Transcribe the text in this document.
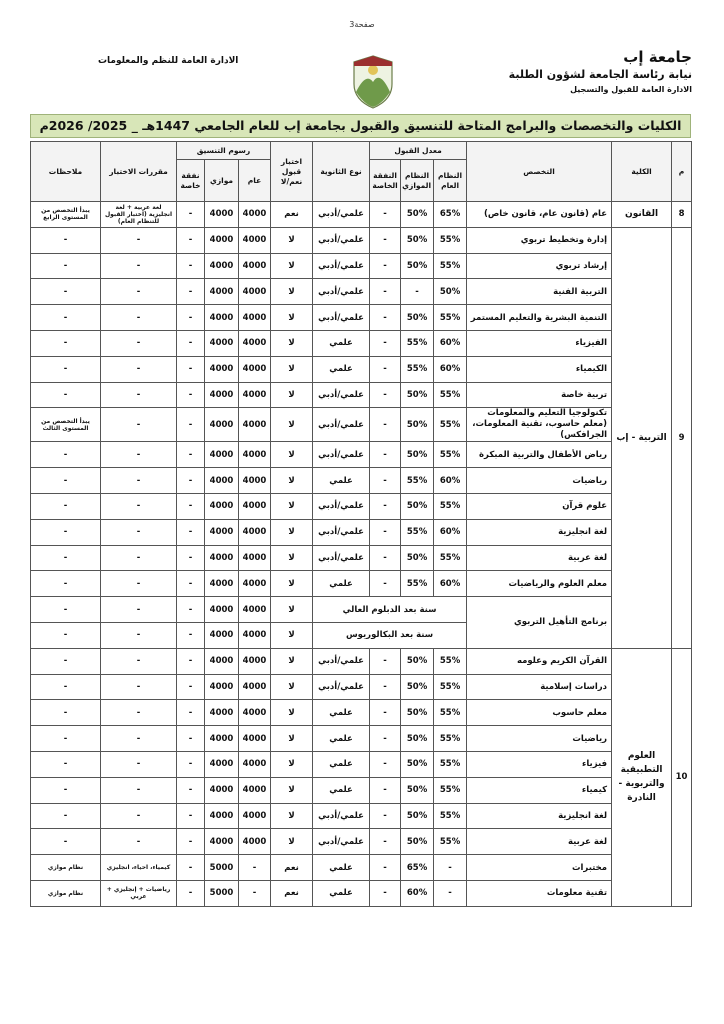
صفحة3
جامعة إب
نيابة رئاسة الجامعة لشؤون الطلبة
الادارة العامة للقبول والتسجيل
الادارة العامة للنظم والمعلومات
الكليات والتخصصات والبرامج المتاحة للتنسيق والقبول بجامعة إب للعام الجامعي 1447هـ _ 2025/ 2026م
م	الكلية	التخصص	معدل القبول			نوع الثانوية	اختبار قبول نعم/لا	رسوم التنسيق			مقررات الاختبار	ملاحظات
			النظام العام	النظام الموازي	النفقة الخاصة			عام	موازي	نفقة خاصة		
8	القانون	عام (قانون عام، قانون خاص)	65%	50%	-	علمي/أدبي	نعم	4000	4000	-	لغة عربية + لغة انجليزية (اختبار القبول للتنظام العام)	يبدأ التخصص من المستوى الرابع
9	التربية - إب	إدارة وتخطيط تربوي	55%	50%	-	علمي/أدبي	لا	4000	4000	-	-	-
		إرشاد تربوي	55%	50%	-	علمي/أدبي	لا	4000	4000	-	-	-
		التربية الفنية	50%	-	-	علمي/أدبي	لا	4000	4000	-	-	-
		التنمية البشرية والتعليم المستمر	55%	50%	-	علمي/أدبي	لا	4000	4000	-	-	-
		الفيزياء	60%	55%	-	علمي	لا	4000	4000	-	-	-
		الكيمياء	60%	55%	-	علمي	لا	4000	4000	-	-	-
		تربية خاصة	55%	50%	-	علمي/أدبي	لا	4000	4000	-	-	-
		تكنولوجيا التعليم والمعلومات (معلم حاسوب، تقنية المعلومات، الجرافكس)	55%	50%	-	علمي/أدبي	لا	4000	4000	-	-	يبدأ التخصص من المستوى الثالث
		رياض الأطفال والتربية المبكرة	55%	50%	-	علمي/أدبي	لا	4000	4000	-	-	-
		رياضيات	60%	55%	-	علمي	لا	4000	4000	-	-	-
		علوم قرآن	55%	50%	-	علمي/أدبي	لا	4000	4000	-	-	-
		لغة انجليزية	60%	55%	-	علمي/أدبي	لا	4000	4000	-	-	-
		لغة عربية	55%	50%	-	علمي/أدبي	لا	4000	4000	-	-	-
		معلم العلوم والرياضيات	60%	55%	-	علمي	لا	4000	4000	-	-	-
		برنامج التأهيل التربوي	سنة بعد الدبلوم العالي				لا	4000	4000	-	-	-
			سنة بعد البكالوريوس				لا	4000	4000	-	-	-
10	العلوم التطبيقية والتربوية - النادرة	القرآن الكريم وعلومه	55%	50%	-	علمي/أدبي	لا	4000	4000	-	-	-
		دراسات إسلامية	55%	50%	-	علمي/أدبي	لا	4000	4000	-	-	-
		معلم حاسوب	55%	50%	-	علمي	لا	4000	4000	-	-	-
		رياضيات	55%	50%	-	علمي	لا	4000	4000	-	-	-
		فيزياء	55%	50%	-	علمي	لا	4000	4000	-	-	-
		كيمياء	55%	50%	-	علمي	لا	4000	4000	-	-	-
		لغة انجليزية	55%	50%	-	علمي/أدبي	لا	4000	4000	-	-	-
		لغة عربية	55%	50%	-	علمي/أدبي	لا	4000	4000	-	-	-
		مختبرات	-	65%	-	علمي	نعم	-	5000	-	كيمياء، احياء، انجليزي	نظام موازي
		تقنية معلومات	-	60%	-	علمي	نعم	-	5000	-	رياضيات + إنجليزي + عربي	نظام موازي
